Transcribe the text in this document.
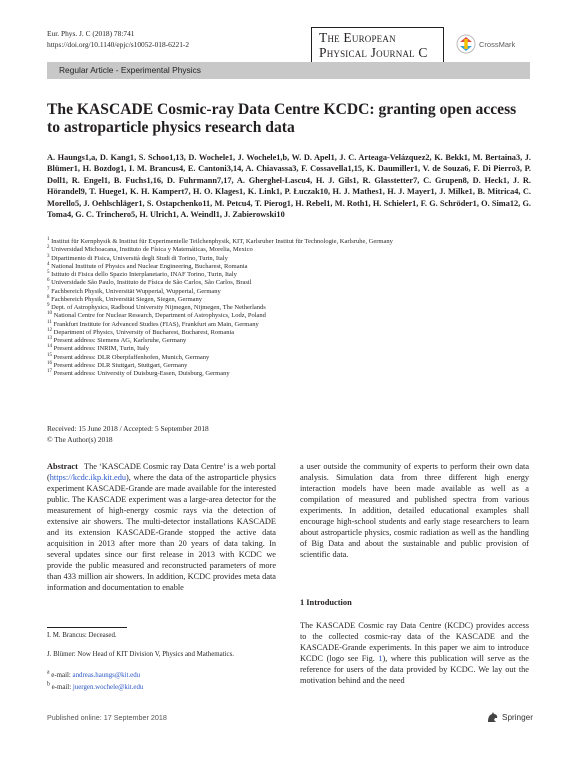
Eur. Phys. J. C (2018) 78:741
https://doi.org/10.1140/epjc/s10052-018-6221-2	The European
Physical Journal C
CrossMark
Regular Article - Experimental Physics
The KASCADE Cosmic-ray Data Centre KCDC: granting open access to astroparticle physics research data
A. Haungs1,a, D. Kang1, S. Schoo1,13, D. Wochele1, J. Wochele1,b, W. D. Apel1, J. C. Arteaga-Velázquez2, K. Bekk1, M. Bertaina3, J. Blümer1, H. Bozdog1, I. M. Brancus4, E. Cantoni3,14, A. Chiavassa3, F. Cossavella1,15, K. Daumiller1, V. de Souza6, F. Di Pierro3, P. Doll1, R. Engel1, B. Fuchs1,16, D. Fuhrmann7,17, A. Gherghel-Lascu4, H. J. Gils1, R. Glasstetter7, C. Grupen8, D. Heck1, J. R. Hörandel9, T. Huege1, K. H. Kampert7, H. O. Klages1, K. Link1, P. Łuczak10, H. J. Mathes1, H. J. Mayer1, J. Milke1, B. Mitrica4, C. Morello5, J. Oehlschläger1, S. Ostapchenko11, M. Petcu4, T. Pierog1, H. Rebel1, M. Roth1, H. Schieler1, F. G. Schröder1, O. Sima12, G. Toma4, G. C. Trinchero5, H. Ulrich1, A. Weindl1, J. Zabierowski10
$^1$ Institut für Kernphysik & Institut für Experimentelle Teilchenphysik, KIT, Karlsruher Institut für Technologie, Karlsruhe, Germany
$^2$ Universidad Michoacana, Instituto de Física y Matemáticas, Morelia, Mexico
$^3$ Dipartimento di Fisica, Università degli Studi di Torino, Turin, Italy
$^4$ National Institute of Physics and Nuclear Engineering, Bucharest, Romania
$^5$ Istituto di Fisica dello Spazio Interplanetario, INAF Torino, Turin, Italy
$^6$ Universidade São Paulo, Instituto de Física de São Carlos, São Carlos, Brasil
$^7$ Fachbereich Physik, Universität Wuppertal, Wuppertal, Germany
$^8$ Fachbereich Physik, Universität Siegen, Siegen, Germany
$^9$ Dept. of Astrophysics, Radboud University Nijmegen, Nijmegen, The Netherlands
$^{10}$ National Centre for Nuclear Research, Department of Astrophysics, Lodz, Poland
$^{11}$ Frankfurt Institute for Advanced Studies (FIAS), Frankfurt am Main, Germany
$^{12}$ Department of Physics, University of Bucharest, Bucharest, Romania
$^{13}$ Present address: Siemens AG, Karlsruhe, Germany
$^{14}$ Present address: INRIM, Turin, Italy
$^{15}$ Present address: DLR Oberpfaffenhofen, Munich, Germany
$^{16}$ Present address: DLR Stuttgart, Stuttgart, Germany
$^{17}$ Present address: University of Duisburg-Essen, Duisburg, Germany
Received: 15 June 2018 / Accepted: 5 September 2018
© The Author(s) 2018

Abstract The ‘KASCADE Cosmic ray Data Centre’ is a web portal (https://kcdc.ikp.kit.edu), where the data of the astroparticle physics experiment KASCADE-Grande are made available for the interested public. The KASCADE experiment was a large-area detector for the measurement of high-energy cosmic rays via the detection of extensive air showers. The multi-detector installations KASCADE and its extension KASCADE-Grande stopped the active data acquisition in 2013 after more than 20 years of data taking. In several updates since our first release in 2013 with KCDC we provide the public measured and reconstructed parameters of more than 433 million air showers. In addition, KCDC provides meta data information and documentation to enable

a user outside the community of experts to perform their own data analysis. Simulation data from three different high energy interaction models have been made available as well as a compilation of measured and published spectra from various experiments. In addition, detailed educational examples shall encourage high-school students and early stage researchers to learn about astroparticle physics, cosmic radiation as well as the handling of Big Data and about the sustainable and public provision of scientific data.

1 Introduction
The KASCADE Cosmic ray Data Centre (KCDC) provides access to the collected cosmic-ray data of the KASCADE and the KASCADE-Grande experiments. In this paper we aim to introduce KCDC (logo see Fig. 1), where this publication will serve as the reference for users of the data provided by KCDC. We lay out the motivation behind and the need
I. M. Brancus: Deceased.
J. Blümer: Now Head of KIT Division V, Physics and Mathematics.
$^a$ e-mail: andreas.haungs@kit.edu
$^b$ e-mail: juergen.wochele@kit.edu
Published online: 17 September 2018	Springer
